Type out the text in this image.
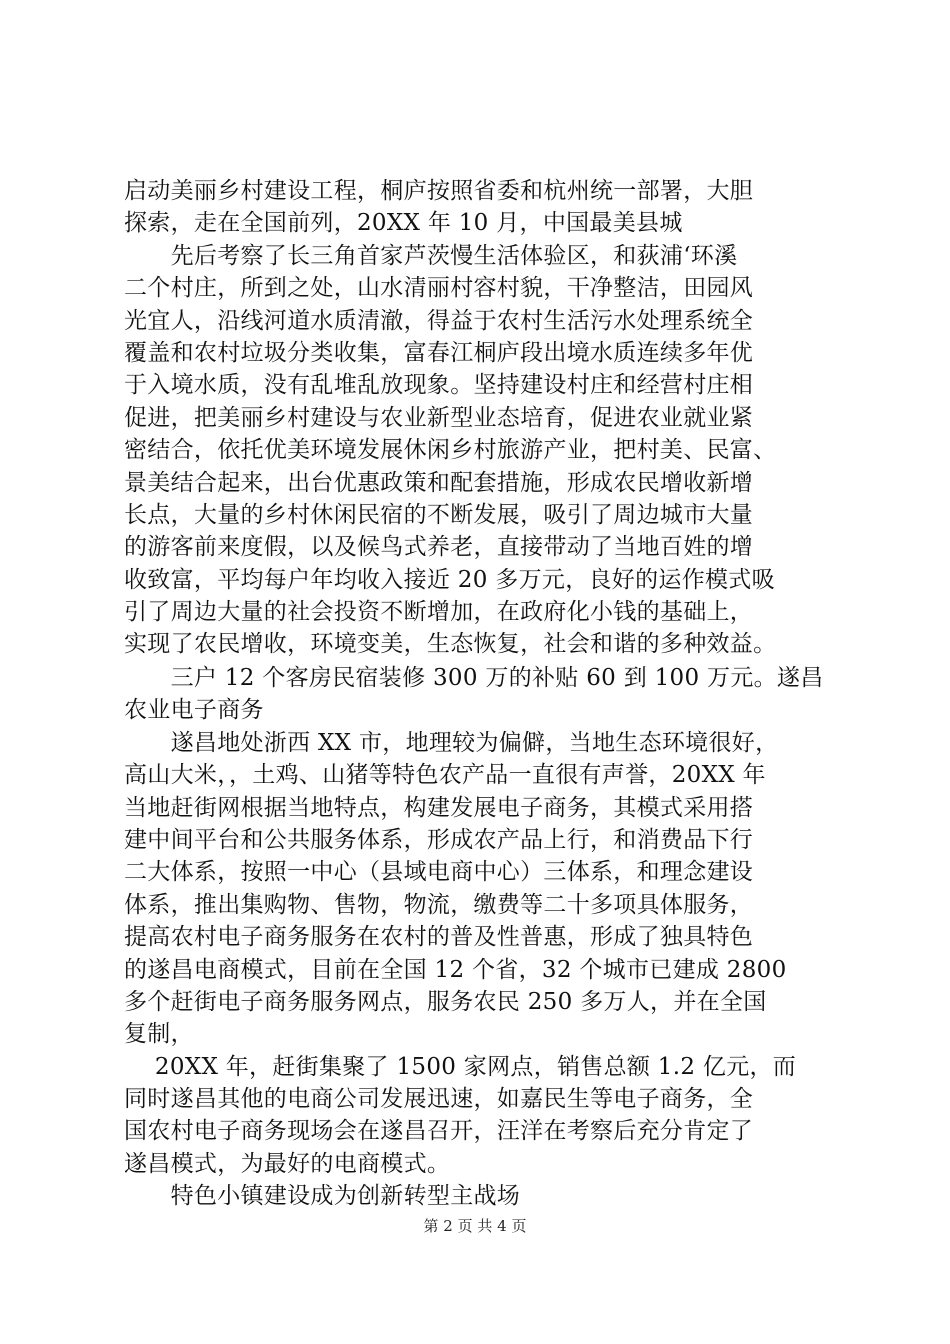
启动美丽乡村建设工程，桐庐按照省委和杭州统一部署，大胆
探索，走在全国前列，20XX 年 10 月，中国最美县城
　　先后考察了长三角首家芦茨慢生活体验区，和荻浦‘环溪
二个村庄，所到之处，山水清丽村容村貌，干净整洁，田园风
光宜人，沿线河道水质清澈，得益于农村生活污水处理系统全
覆盖和农村垃圾分类收集，富春江桐庐段出境水质连续多年优
于入境水质，没有乱堆乱放现象。坚持建设村庄和经营村庄相
促进，把美丽乡村建设与农业新型业态培育，促进农业就业紧
密结合，依托优美环境发展休闲乡村旅游产业，把村美、民富、
景美结合起来，出台优惠政策和配套措施，形成农民增收新增
长点，大量的乡村休闲民宿的不断发展，吸引了周边城市大量
的游客前来度假，以及候鸟式养老，直接带动了当地百姓的增
收致富，平均每户年均收入接近 20 多万元，良好的运作模式吸
引了周边大量的社会投资不断增加，在政府化小钱的基础上，
实现了农民增收，环境变美，生态恢复，社会和谐的多种效益。
　　三户 12 个客房民宿装修 300 万的补贴 60 到 100 万元。遂昌
农业电子商务
　　遂昌地处浙西 XX 市，地理较为偏僻，当地生态环境很好，
高山大米，，土鸡、山猪等特色农产品一直很有声誉，20XX 年
当地赶街网根据当地特点，构建发展电子商务，其模式采用搭
建中间平台和公共服务体系，形成农产品上行，和消费品下行
二大体系，按照一中心（县域电商中心）三体系，和理念建设
体系，推出集购物、售物，物流，缴费等二十多项具体服务，
提高农村电子商务服务在农村的普及性普惠，形成了独具特色
的遂昌电商模式，目前在全国 12 个省，32 个城市已建成 2800
多个赶街电子商务服务网点，服务农民 250 多万人，并在全国
复制，
　 20XX 年，赶街集聚了 1500 家网点，销售总额 1.2 亿元，而
同时遂昌其他的电商公司发展迅速，如嘉民生等电子商务，全
国农村电子商务现场会在遂昌召开，汪洋在考察后充分肯定了
遂昌模式，为最好的电商模式。
　　特色小镇建设成为创新转型主战场
第 2 页 共 4 页
